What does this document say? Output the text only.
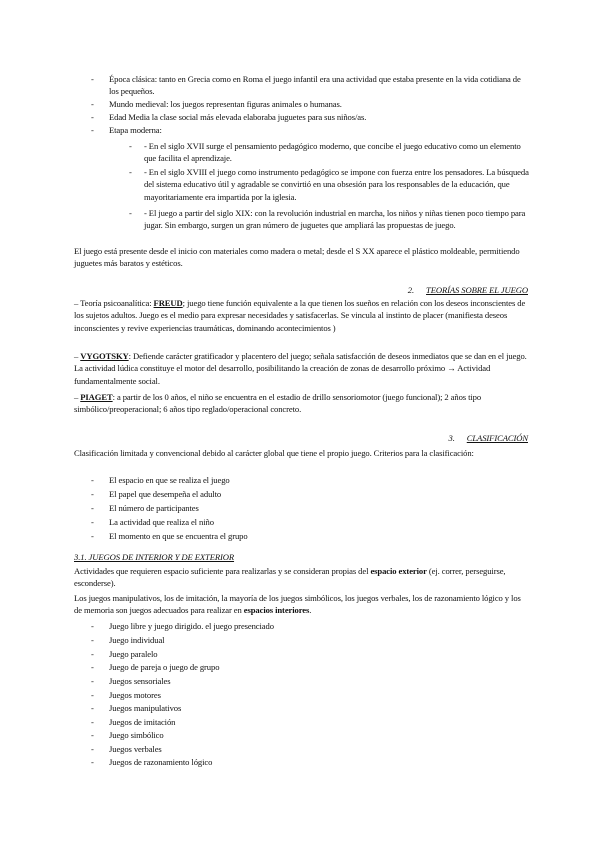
- Época clásica: tanto en Grecia como en Roma el juego infantil era una actividad que estaba presente en la vida cotidiana de los pequeños.
- Mundo medieval: los juegos representan figuras animales o humanas.
- Edad Media la clase social más elevada elaboraba juguetes para sus niños/as.
- Etapa moderna:
- - En el siglo XVII surge el pensamiento pedagógico moderno, que concibe el juego educativo como un elemento que facilita el aprendizaje.
- - En el siglo XVIII el juego como instrumento pedagógico se impone con fuerza entre los pensadores. La búsqueda del sistema educativo útil y agradable se convirtió en una obsesión para los responsables de la educación, que mayoritariamente era impartida por la iglesia.
- - El juego a partir del siglo XIX: con la revolución industrial en marcha, los niños y niñas tienen poco tiempo para jugar. Sin embargo, surgen un gran número de juguetes que ampliará las propuestas de juego.
El juego está presente desde el inicio con materiales como madera o metal; desde el S XX aparece el plástico moldeable, permitiendo juguetes más baratos y estéticos.
2. TEORÍAS SOBRE EL JUEGO
– Teoría psicoanalítica: FREUD; juego tiene función equivalente a la que tienen los sueños en relación con los deseos inconscientes de los sujetos adultos. Juego es el medio para expresar necesidades y satisfacerlas. Se vincula al instinto de placer (manifiesta deseos inconscientes y revive experiencias traumáticas, dominando acontecimientos )
– VYGOTSKY: Defiende carácter gratificador y placentero del juego; señala satisfacción de deseos inmediatos que se dan en el juego. La actividad lúdica constituye el motor del desarrollo, posibilitando la creación de zonas de desarrollo próximo → Actividad fundamentalmente social.
– PIAGET: a partir de los 0 años, el niño se encuentra en el estadio de drillo sensoriomotor (juego funcional); 2 años tipo simbólico/preoperacional; 6 años tipo reglado/operacional concreto.
3. CLASIFICACIÓN
Clasificación limitada y convencional debido al carácter global que tiene el propio juego. Criterios para la clasificación:
- El espacio en que se realiza el juego
- El papel que desempeña el adulto
- El número de participantes
- La actividad que realiza el niño
- El momento en que se encuentra el grupo
3.1. JUEGOS DE INTERIOR Y DE EXTERIOR
Actividades que requieren espacio suficiente para realizarlas y se consideran propias del espacio exterior (ej. correr, perseguirse, esconderse).
Los juegos manipulativos, los de imitación, la mayoría de los juegos simbólicos, los juegos verbales, los de razonamiento lógico y los de memoria son juegos adecuados para realizar en espacios interiores.
- Juego libre y juego dirigido. el juego presenciado
- Juego individual
- Juego paralelo
- Juego de pareja o juego de grupo
- Juegos sensoriales
- Juegos motores
- Juegos manipulativos
- Juegos de imitación
- Juego simbólico
- Juegos verbales
- Juegos de razonamiento lógico
